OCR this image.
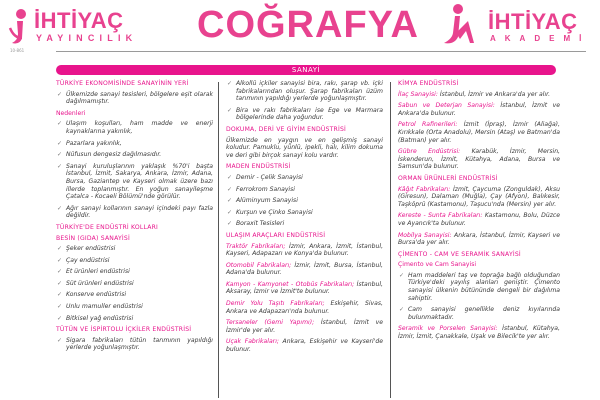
İHTİYAÇ
YAYINCILIK
10-861
COĞRAFYA	İHTİYAÇ
AKADEMİ
SANAYİ
TÜRKİYE EKONOMİSİNDE SANAYİNİN YERİ
✓ Ülkemizde sanayi tesisleri, bölgelere eşit olarak dağılmamıştır.
Nedenleri
✓ Ulaşım koşulları, ham madde ve enerji kaynaklarına yakınlık,
✓ Pazarlara yakınlık,
✓ Nüfusun dengesiz dağılmasıdır.
✓ Sanayi kuruluşlarının yaklaşık %70'i başta İstanbul, İzmit, Sakarya, Ankara, İzmir, Adana, Bursa, Gaziantep ve Kayseri olmak üzere bazı illerde toplanmıştır. En yoğun sanayileşme Çatalca - Kocaeli Bölümü'nde görülür.
✓ Ağır sanayi kollarının sanayi içindeki payı fazla değildir.
TÜRKİYE'DE ENDÜSTRİ KOLLARI
BESİN (GIDA) SANAYİSİ
✓ Şeker endüstrisi
✓ Çay endüstrisi
✓ Et ürünleri endüstrisi
✓ Süt ürünleri endüstrisi
✓ Konserve endüstrisi
✓ Unlu mamuller endüstrisi
✓ Bitkisel yağ endüstrisi
TÜTÜN VE İSPİRTOLU İÇKİLER ENDÜSTRİSİ
✓ Sigara fabrikaları tütün tarımının yapıldığı yerlerde yoğunlaşmıştır.
✓ Alkollü içkiler sanayisi bira, rakı, şarap vb. içki fabrikalarından oluşur. Şarap fabrikaları üzüm tarımının yapıldığı yerlerde yoğunlaşmıştır.
✓ Bira ve rakı fabrikaları ise Ege ve Marmara bölgelerinde daha yoğundur.
DOKUMA, DERİ VE GİYİM ENDÜSTRİSİ
Ülkemizde en yaygın ve en gelişmiş sanayi koludur. Pamuklu, yünlü, ipekli, halı, kilim dokuma ve deri gibi birçok sanayi kolu vardır.
MADEN ENDÜSTRİSİ
✓ Demir - Çelik Sanayisi
✓ Ferrokrom Sanayisi
✓ Alüminyum Sanayisi
✓ Kurşun ve Çinko Sanayisi
✓ Boraxit Tesisleri
ULAŞIM ARAÇLARI ENDÜSTRİSİ
Traktör Fabrikaları; İzmir, Ankara, İzmit, İstanbul, Kayseri, Adapazarı ve Konya'da bulunur.
Otomobil Fabrikaları; İzmir, İzmit, Bursa, İstanbul, Adana'da bulunur.
Kamyon - Kamyonet - Otobüs Fabrikaları; İstanbul, Aksaray, İzmir ve İzmit'te bulunur.
Demir Yolu Taşıtı Fabrikaları; Eskişehir, Sivas, Ankara ve Adapazarı'nda bulunur.
Tersaneler (Gemi Yapımı); İstanbul, İzmit ve İzmir'de yer alır.
Uçak Fabrikaları; Ankara, Eskişehir ve Kayseri'de bulunur.
KİMYA ENDÜSTRİSİ
İlaç Sanayisi: İstanbul, İzmir ve Ankara'da yer alır.
Sabun ve Deterjan Sanayisi: İstanbul, İzmit ve Ankara'da bulunur.
Petrol Rafinerileri: İzmit (İpraş), İzmir (Aliağa), Kırıkkale (Orta Anadolu), Mersin (Ataş) ve Batman'da (Batman) yer alır.
Gübre Endüstrisi: Karabük, İzmir, Mersin, İskenderun, İzmit, Kütahya, Adana, Bursa ve Samsun'da bulunur.
ORMAN ÜRÜNLERİ ENDÜSTRİSİ
Kâğıt Fabrikaları: İzmit, Çaycuma (Zonguldak), Aksu (Giresun), Dalaman (Muğla), Çay (Afyon), Balıkesir, Taşköprü (Kastamonu), Taşucu'nda (Mersin) yer alır.
Kereste - Sunta Fabrikaları: Kastamonu, Bolu, Düzce ve Ayancık'ta bulunur.
Mobilya Sanayisi: Ankara, İstanbul, İzmir, Kayseri ve Bursa'da yer alır.
ÇİMENTO - CAM VE SERAMİK SANAYİSİ
Çimento ve Cam Sanayisi
✓ Ham maddeleri taş ve toprağa bağlı olduğundan Türkiye'deki yayılış alanları geniştir. Çimento sanayisi ülkenin bütününde dengeli bir dağılıma sahiptir.
✓ Cam sanayisi genellikle deniz kıyılarında bulunmaktadır.
Seramik ve Porselen Sanayisi: İstanbul, Kütahya, İzmir, İzmit, Çanakkale, Uşak ve Bilecik'te yer alır.
